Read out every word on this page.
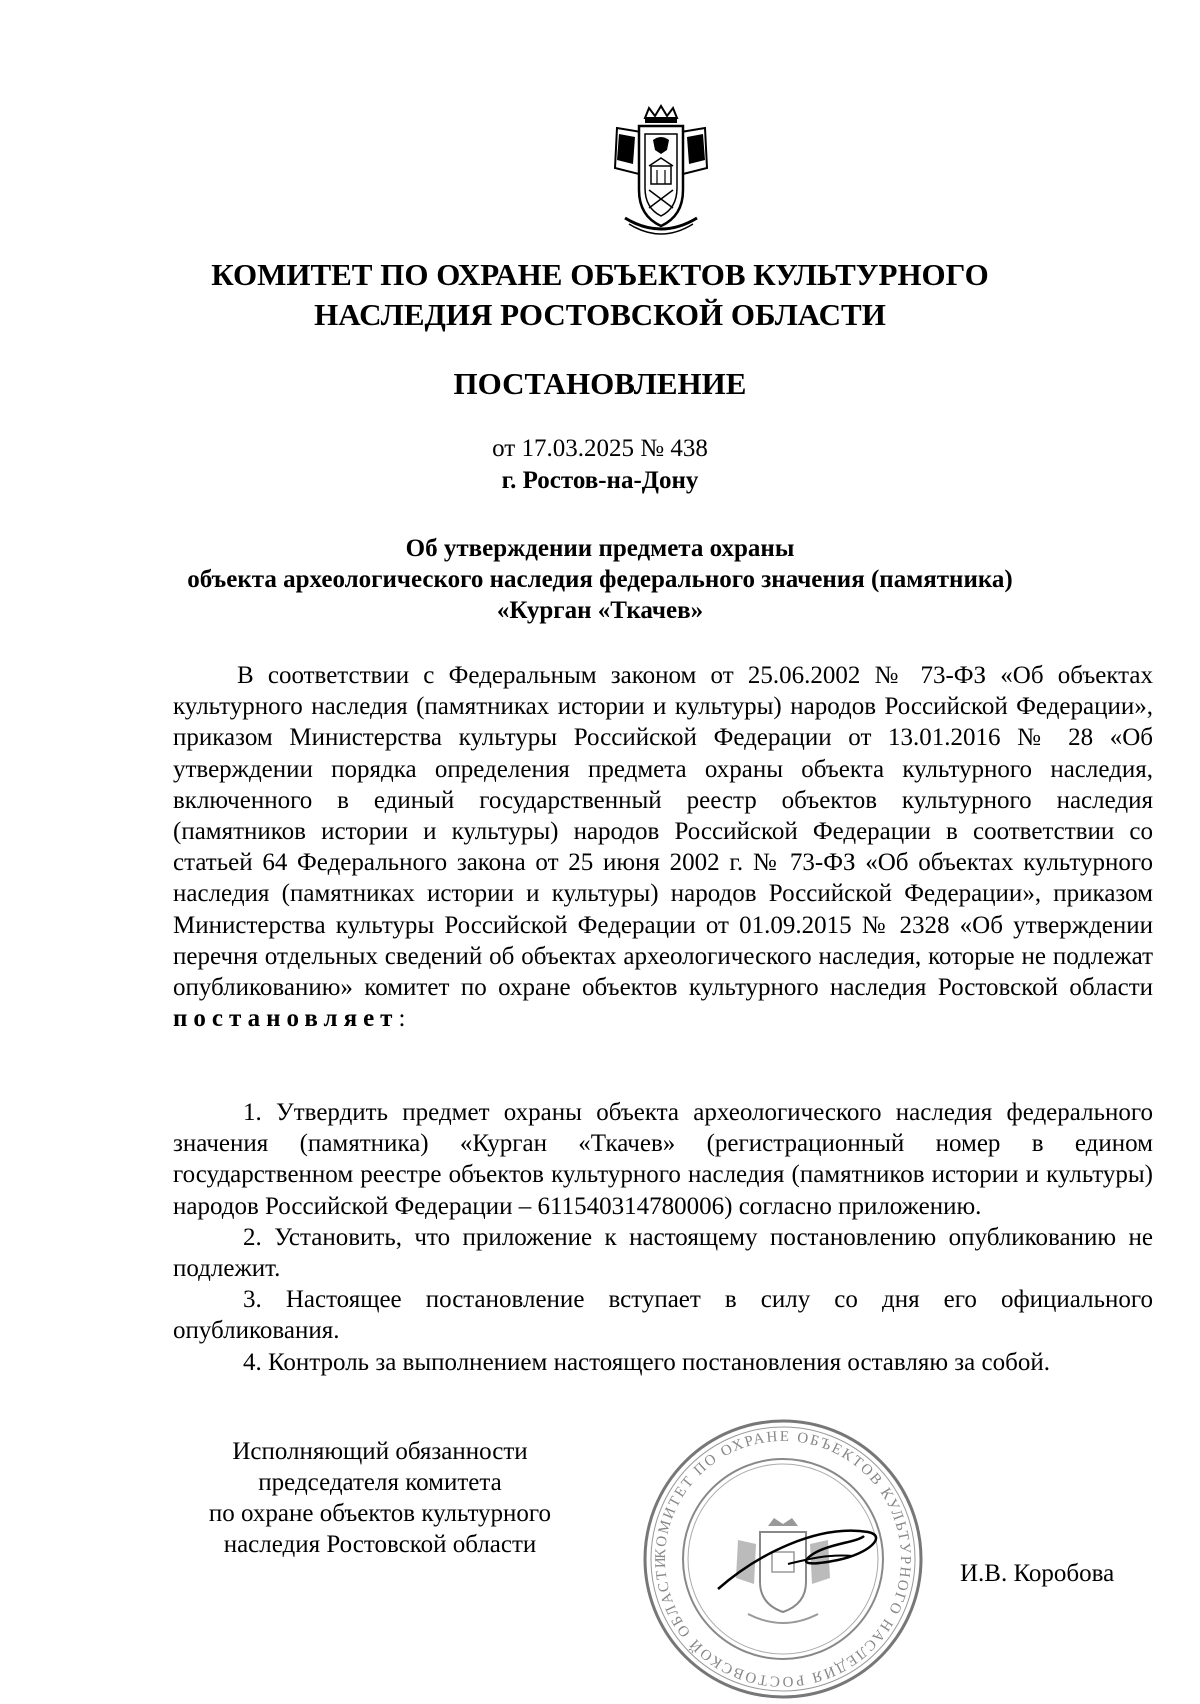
КОМИТЕТ ПО ОХРАНЕ ОБЪЕКТОВ КУЛЬТУРНОГО
НАСЛЕДИЯ РОСТОВСКОЙ ОБЛАСТИ
ПОСТАНОВЛЕНИЕ
от 17.03.2025 № 438
г. Ростов-на-Дону
Об утверждении предмета охраны
объекта археологического наследия федерального значения (памятника)
«Курган «Ткачев»

В соответствии с Федеральным законом от 25.06.2002 № 73-ФЗ «Об объектах культурного наследия (памятниках истории и культуры) народов Российской Федерации», приказом Министерства культуры Российской Федерации от 13.01.2016 № 28 «Об утверждении порядка определения предмета охраны объекта культурного наследия, включенного в единый государственный реестр объектов культурного наследия (памятников истории и культуры) народов Российской Федерации в соответствии со статьей 64 Федерального закона от 25 июня 2002 г. № 73-ФЗ «Об объектах культурного наследия (памятниках истории и культуры) народов Российской Федерации», приказом Министерства культуры Российской Федерации от 01.09.2015 № 2328 «Об утверждении перечня отдельных сведений об объектах археологического наследия, которые не подлежат опубликованию» комитет по охране объектов культурного наследия Ростовской области постановляет:

1. Утвердить предмет охраны объекта археологического наследия федерального значения (памятника) «Курган «Ткачев» (регистрационный номер в едином государственном реестре объектов культурного наследия (памятников истории и культуры) народов Российской Федерации – 611540314780006) согласно приложению.

2. Установить, что приложение к настоящему постановлению опубликованию не подлежит.

3. Настоящее постановление вступает в силу со дня его официального опубликования.

4. Контроль за выполнением настоящего постановления оставляю за собой.

Исполняющий обязанности
председателя комитета
по охране объектов культурного
наследия Ростовской области	КОМИТЕТ ПО ОХРАНЕ ОБЪЕКТОВ КУЛЬТУРНОГО НАСЛЕДИЯ РОСТОВСКОЙ ОБЛАСТИ	И.В. Коробова
